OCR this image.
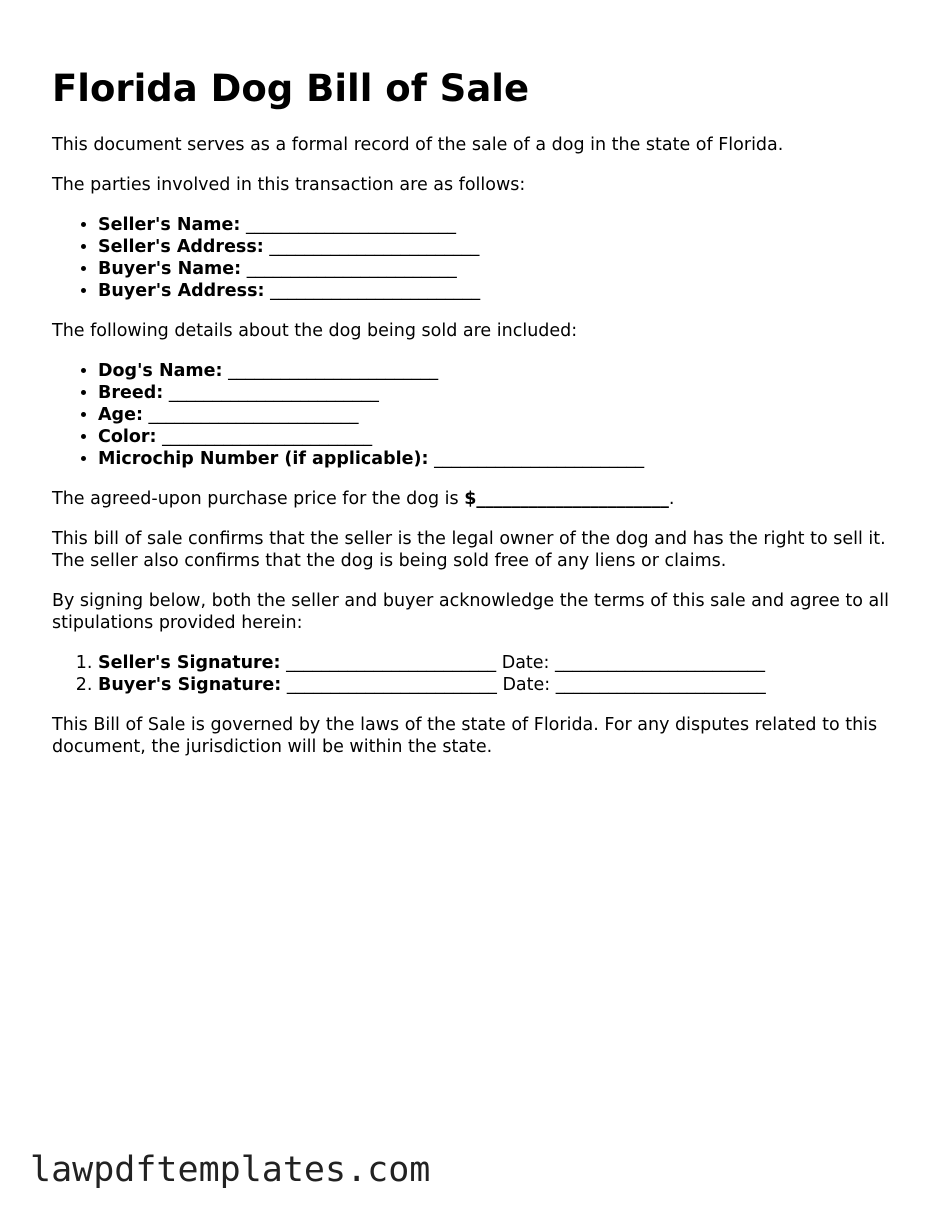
Florida Dog Bill of Sale

This document serves as a formal record of the sale of a dog in the state of Florida.

The parties involved in this transaction are as follows:

• Seller's Name: ________________________
• Seller's Address: ________________________
• Buyer's Name: ________________________
• Buyer's Address: ________________________

The following details about the dog being sold are included:

• Dog's Name: ________________________
• Breed: ________________________
• Age: ________________________
• Color: ________________________
• Microchip Number (if applicable): ________________________

The agreed-upon purchase price for the dog is $______________________.

This bill of sale confirms that the seller is the legal owner of the dog and has the right to sell it. The seller also confirms that the dog is being sold free of any liens or claims.

By signing below, both the seller and buyer acknowledge the terms of this sale and agree to all stipulations provided herein:

1. Seller's Signature: ________________________ Date: ________________________
2. Buyer's Signature: ________________________ Date: ________________________

This Bill of Sale is governed by the laws of the state of Florida. For any disputes related to this document, the jurisdiction will be within the state.

lawpdftemplates.com
